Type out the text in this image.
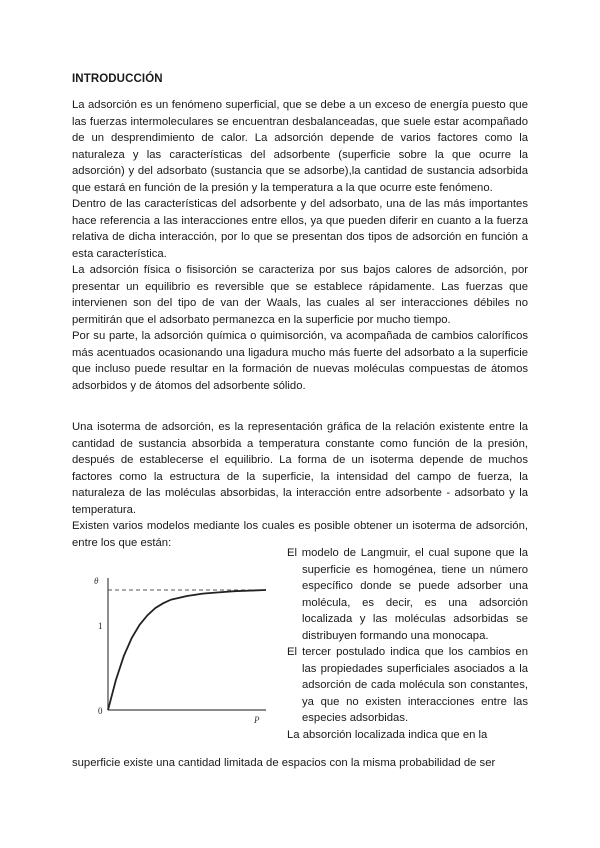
INTRODUCCIÓN

La adsorción es un fenómeno superficial, que se debe a un exceso de energía puesto que las fuerzas intermoleculares se encuentran desbalanceadas, que suele estar acompañado de un desprendimiento de calor. La adsorción depende de varios factores como la naturaleza y las características del adsorbente (superficie sobre la que ocurre la adsorción) y del adsorbato (sustancia que se adsorbe),la cantidad de sustancia adsorbida que estará en función de la presión y la temperatura a la que ocurre este fenómeno.

Dentro de las características del adsorbente y del adsorbato, una de las más importantes hace referencia a las interacciones entre ellos, ya que pueden diferir en cuanto a la fuerza relativa de dicha interacción, por lo que se presentan dos tipos de adsorción en función a esta característica.

La adsorción física o fisisorción se caracteriza por sus bajos calores de adsorción, por presentar un equilibrio es reversible que se establece rápidamente. Las fuerzas que intervienen son del tipo de van der Waals, las cuales al ser interacciones débiles no permitirán que el adsorbato permanezca en la superficie por mucho tiempo.

Por su parte, la adsorción química o quimisorción, va acompañada de cambios caloríficos más acentuados ocasionando una ligadura mucho más fuerte del adsorbato a la superficie que incluso puede resultar en la formación de nuevas moléculas compuestas de átomos adsorbidos y de átomos del adsorbente sólido.

Una isoterma de adsorción, es la representación gráfica de la relación existente entre la cantidad de sustancia absorbida a temperatura constante como función de la presión, después de establecerse el equilibrio. La forma de un isoterma depende de muchos factores como la estructura de la superficie, la intensidad del campo de fuerza, la naturaleza de las moléculas absorbidas, la interacción entre adsorbente - adsorbato y la temperatura.

Existen varios modelos mediante los cuales es posible obtener un isoterma de adsorción, entre los que están:

θ
P
1
0

El modelo de Langmuir, el cual supone que la superficie es homogénea, tiene un número específico donde se puede adsorber una molécula, es decir, es una adsorción localizada y las moléculas adsorbidas se distribuyen formando una monocapa.

El tercer postulado indica que los cambios en las propiedades superficiales asociados a la adsorción de cada molécula son constantes, ya que no existen interacciones entre las especies adsorbidas.

La absorción localizada indica que en la

superficie existe una cantidad limitada de espacios con la misma probabilidad de ser
